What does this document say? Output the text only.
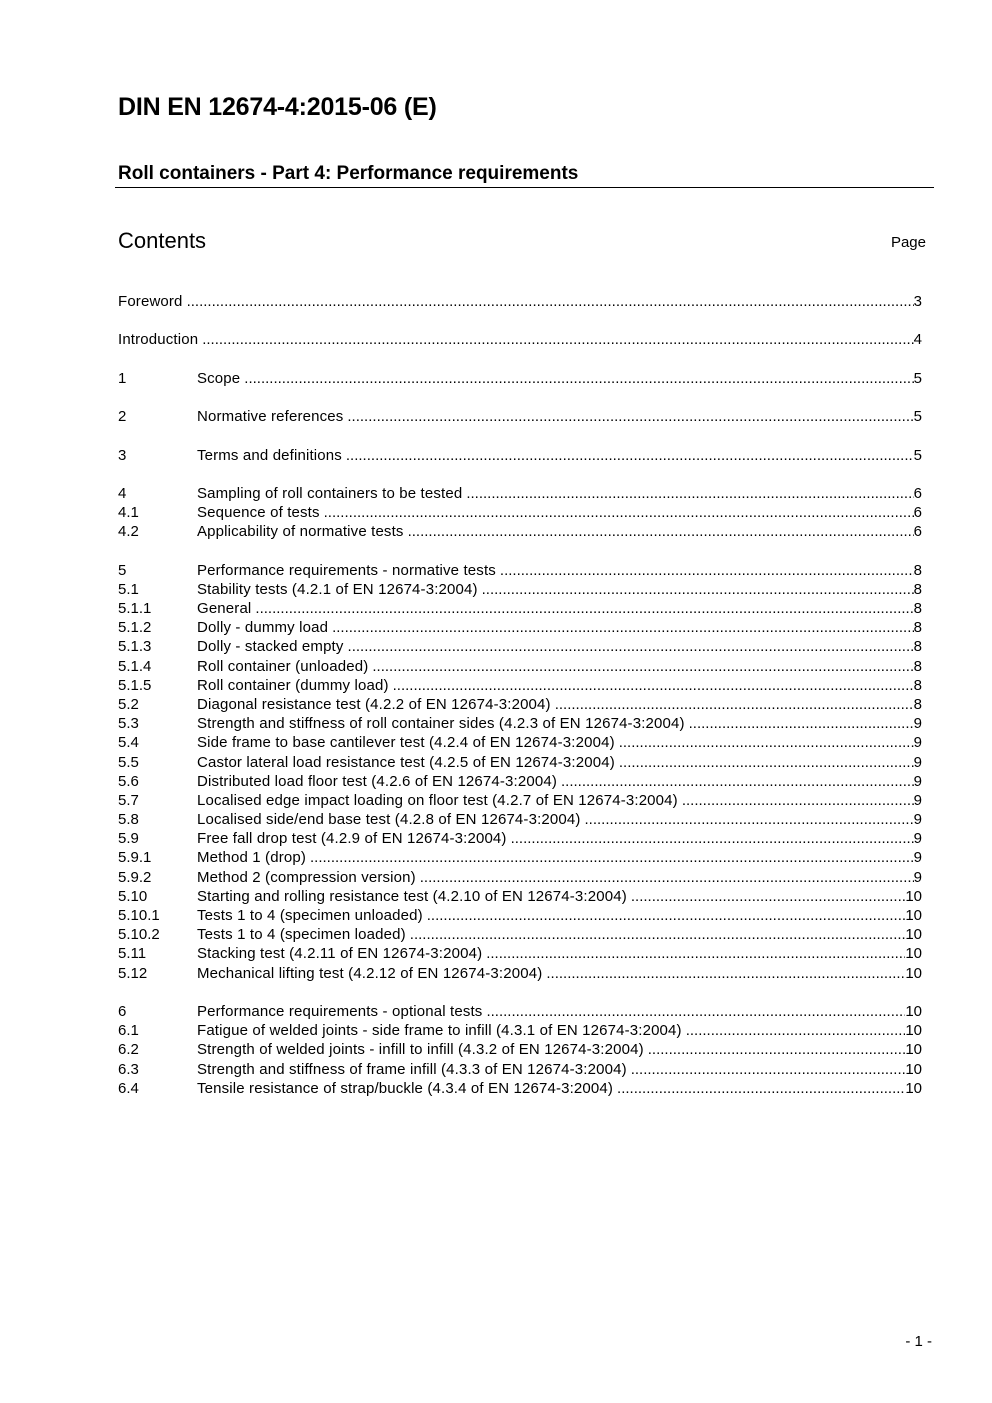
DIN EN 12674-4:2015-06 (E)
Roll containers - Part 4: Performance requirements
Contents	Page
Foreword .....	3
Introduction .....	4
1	Scope .....	5
2	Normative references .....	5
3	Terms and definitions .....	5
4	Sampling of roll containers to be tested .....	6
4.1	Sequence of tests .....	6
4.2	Applicability of normative tests .....	6
5	Performance requirements - normative tests .....	8
5.1	Stability tests (4.2.1 of EN 12674-3:2004) .....	8
5.1.1	General .....	8
5.1.2	Dolly - dummy load .....	8
5.1.3	Dolly - stacked empty .....	8
5.1.4	Roll container (unloaded) .....	8
5.1.5	Roll container (dummy load) .....	8
5.2	Diagonal resistance test (4.2.2 of EN 12674-3:2004) .....	8
5.3	Strength and stiffness of roll container sides (4.2.3 of EN 12674-3:2004) .....	9
5.4	Side frame to base cantilever test (4.2.4 of EN 12674-3:2004) .....	9
5.5	Castor lateral load resistance test (4.2.5 of EN 12674-3:2004) .....	9
5.6	Distributed load floor test (4.2.6 of EN 12674-3:2004) .....	9
5.7	Localised edge impact loading on floor test (4.2.7 of EN 12674-3:2004) .....	9
5.8	Localised side/end base test (4.2.8 of EN 12674-3:2004) .....	9
5.9	Free fall drop test (4.2.9 of EN 12674-3:2004) .....	9
5.9.1	Method 1 (drop) .....	9
5.9.2	Method 2 (compression version) .....	9
5.10	Starting and rolling resistance test (4.2.10 of EN 12674-3:2004) .....	10
5.10.1	Tests 1 to 4 (specimen unloaded) .....	10
5.10.2	Tests 1 to 4 (specimen loaded) .....	10
5.11	Stacking test (4.2.11 of EN 12674-3:2004) .....	10
5.12	Mechanical lifting test (4.2.12 of EN 12674-3:2004) .....	10
6	Performance requirements - optional tests .....	10
6.1	Fatigue of welded joints - side frame to infill (4.3.1 of EN 12674-3:2004) .....	10
6.2	Strength of welded joints - infill to infill (4.3.2 of EN 12674-3:2004) .....	10
6.3	Strength and stiffness of frame infill (4.3.3 of EN 12674-3:2004) .....	10
6.4	Tensile resistance of strap/buckle (4.3.4 of EN 12674-3:2004) .....	10
- 1 -
